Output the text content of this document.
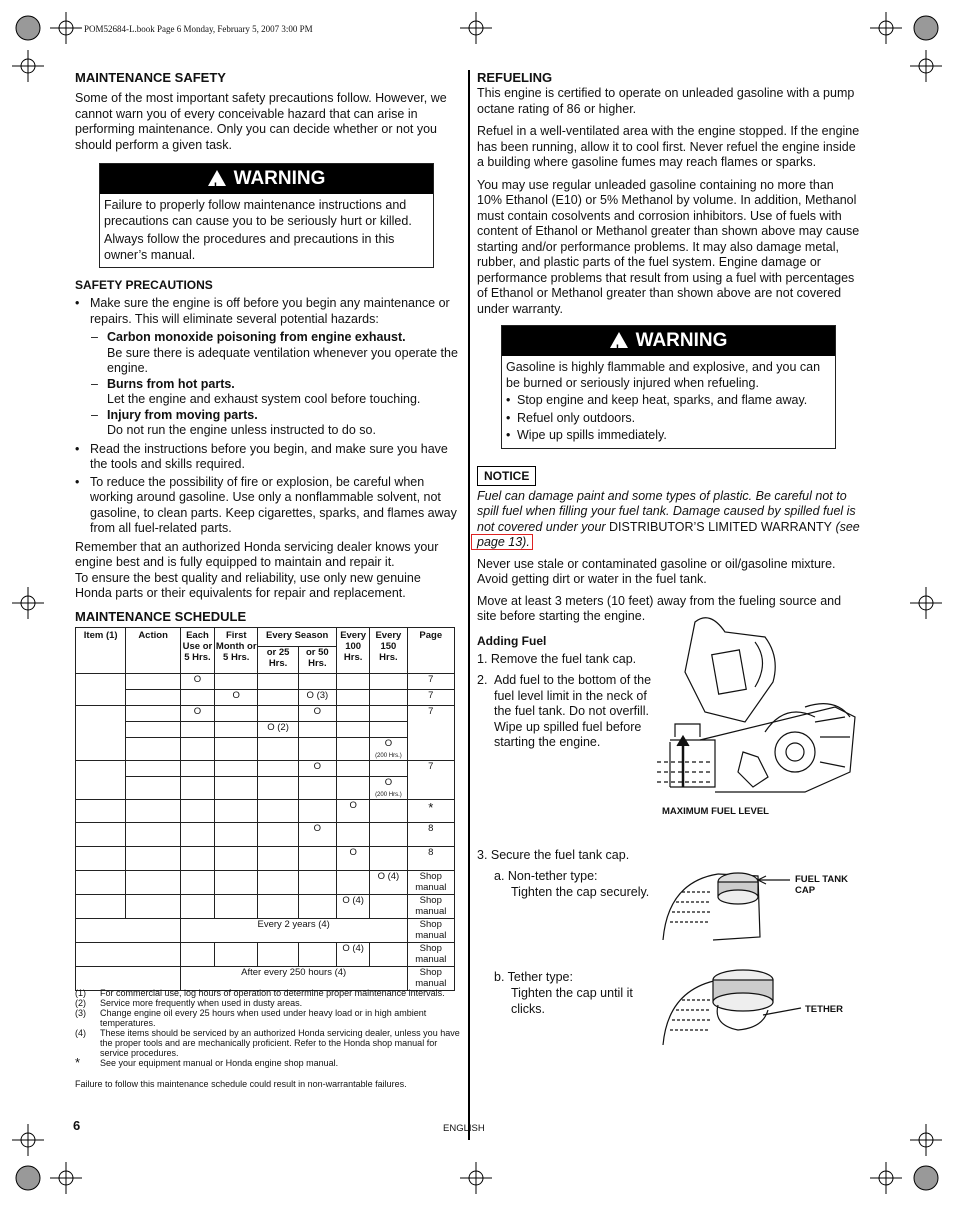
POM52684-L.book Page 6 Monday, February 5, 2007 3:00 PM
MAINTENANCE SAFETY

Some of the most important safety precautions follow. However, we cannot warn you of every conceivable hazard that can arise in performing maintenance. Only you can decide whether or not you should perform a given task.

!WARNING
Failure to properly follow maintenance instructions and precautions can cause you to be seriously hurt or killed.
Always follow the procedures and precautions in this owner’s manual.
SAFETY PRECAUTIONS
• Make sure the engine is off before you begin any maintenance or repairs. This will eliminate several potential hazards:
– Carbon monoxide poisoning from engine exhaust.
Be sure there is adequate ventilation whenever you operate the engine.
– Burns from hot parts.
Let the engine and exhaust system cool before touching.
– Injury from moving parts.
Do not run the engine unless instructed to do so.
• Read the instructions before you begin, and make sure you have the tools and skills required.
• To reduce the possibility of fire or explosion, be careful when working around gasoline. Use only a nonflammable solvent, not gasoline, to clean parts. Keep cigarettes, sparks, and flames away from all fuel-related parts.

Remember that an authorized Honda servicing dealer knows your engine best and is fully equipped to maintain and repair it.

To ensure the best quality and reliability, use only new genuine Honda parts or their equivalents for repair and replacement.

MAINTENANCE SCHEDULE
Item (1)	Action	Each Use or 5 Hrs.	First Month or 5 Hrs.	Every Season		Every 100 Hrs.	Every 150 Hrs.	Page
				or 25 Hrs.	or 50 Hrs.			
		O						7
			O		O (3)			7
		O			O			7
				O (2)				
							O
(200 Hrs.)	
					O			7
							O
(200 Hrs.)	
						O		*
					O			8
						O		8
							O (4)	Shop manual
						O (4)		Shop manual
		Every 2 years (4)						Shop manual
						O (4)		Shop manual
		After every 250 hours (4)						Shop manual
(1)	For commercial use, log hours of operation to determine proper maintenance intervals.
(2)	Service more frequently when used in dusty areas.
(3)	Change engine oil every 25 hours when used under heavy load or in high ambient temperatures.
(4)	These items should be serviced by an authorized Honda servicing dealer, unless you have the proper tools and are mechanically proficient. Refer to the Honda shop manual for service procedures.
*	See your equipment manual or Honda engine shop manual.
Failure to follow this maintenance schedule could result in non-warrantable failures.
REFUELING

This engine is certified to operate on unleaded gasoline with a pump octane rating of 86 or higher.

Refuel in a well-ventilated area with the engine stopped. If the engine has been running, allow it to cool first. Never refuel the engine inside a building where gasoline fumes may reach flames or sparks.

You may use regular unleaded gasoline containing no more than 10% Ethanol (E10) or 5% Methanol by volume. In addition, Methanol must contain cosolvents and corrosion inhibitors. Use of fuels with content of Ethanol or Methanol greater than shown above may cause starting and/or performance problems. It may also damage metal, rubber, and plastic parts of the fuel system. Engine damage or performance problems that result from using a fuel with percentages of Ethanol or Methanol greater than shown above are not covered under warranty.

!WARNING
Gasoline is highly flammable and explosive, and you can be burned or seriously injured when refueling.
• Stop engine and keep heat, sparks, and flame away.
• Refuel only outdoors.
• Wipe up spills immediately.
NOTICE

Fuel can damage paint and some types of plastic. Be careful not to spill fuel when filling your fuel tank. Damage caused by spilled fuel is not covered under your DISTRIBUTOR’S LIMITED WARRANTY (see
page 13).

Never use stale or contaminated gasoline or oil/gasoline mixture. Avoid getting dirt or water in the fuel tank.

Move at least 3 meters (10 feet) away from the fueling source and site before starting the engine.

Adding Fuel

1. Remove the fuel tank cap.

2. Add fuel to the bottom of the fuel level limit in the neck of the fuel tank. Do not overfill. Wipe up spilled fuel before starting the engine.

MAXIMUM FUEL LEVEL

3. Secure the fuel tank cap.

a. Non-tether type:

Tighten the cap securely.

FUEL TANK CAP

b. Tether type:

Tighten the cap until it clicks.	TETHER
6	ENGLISH
